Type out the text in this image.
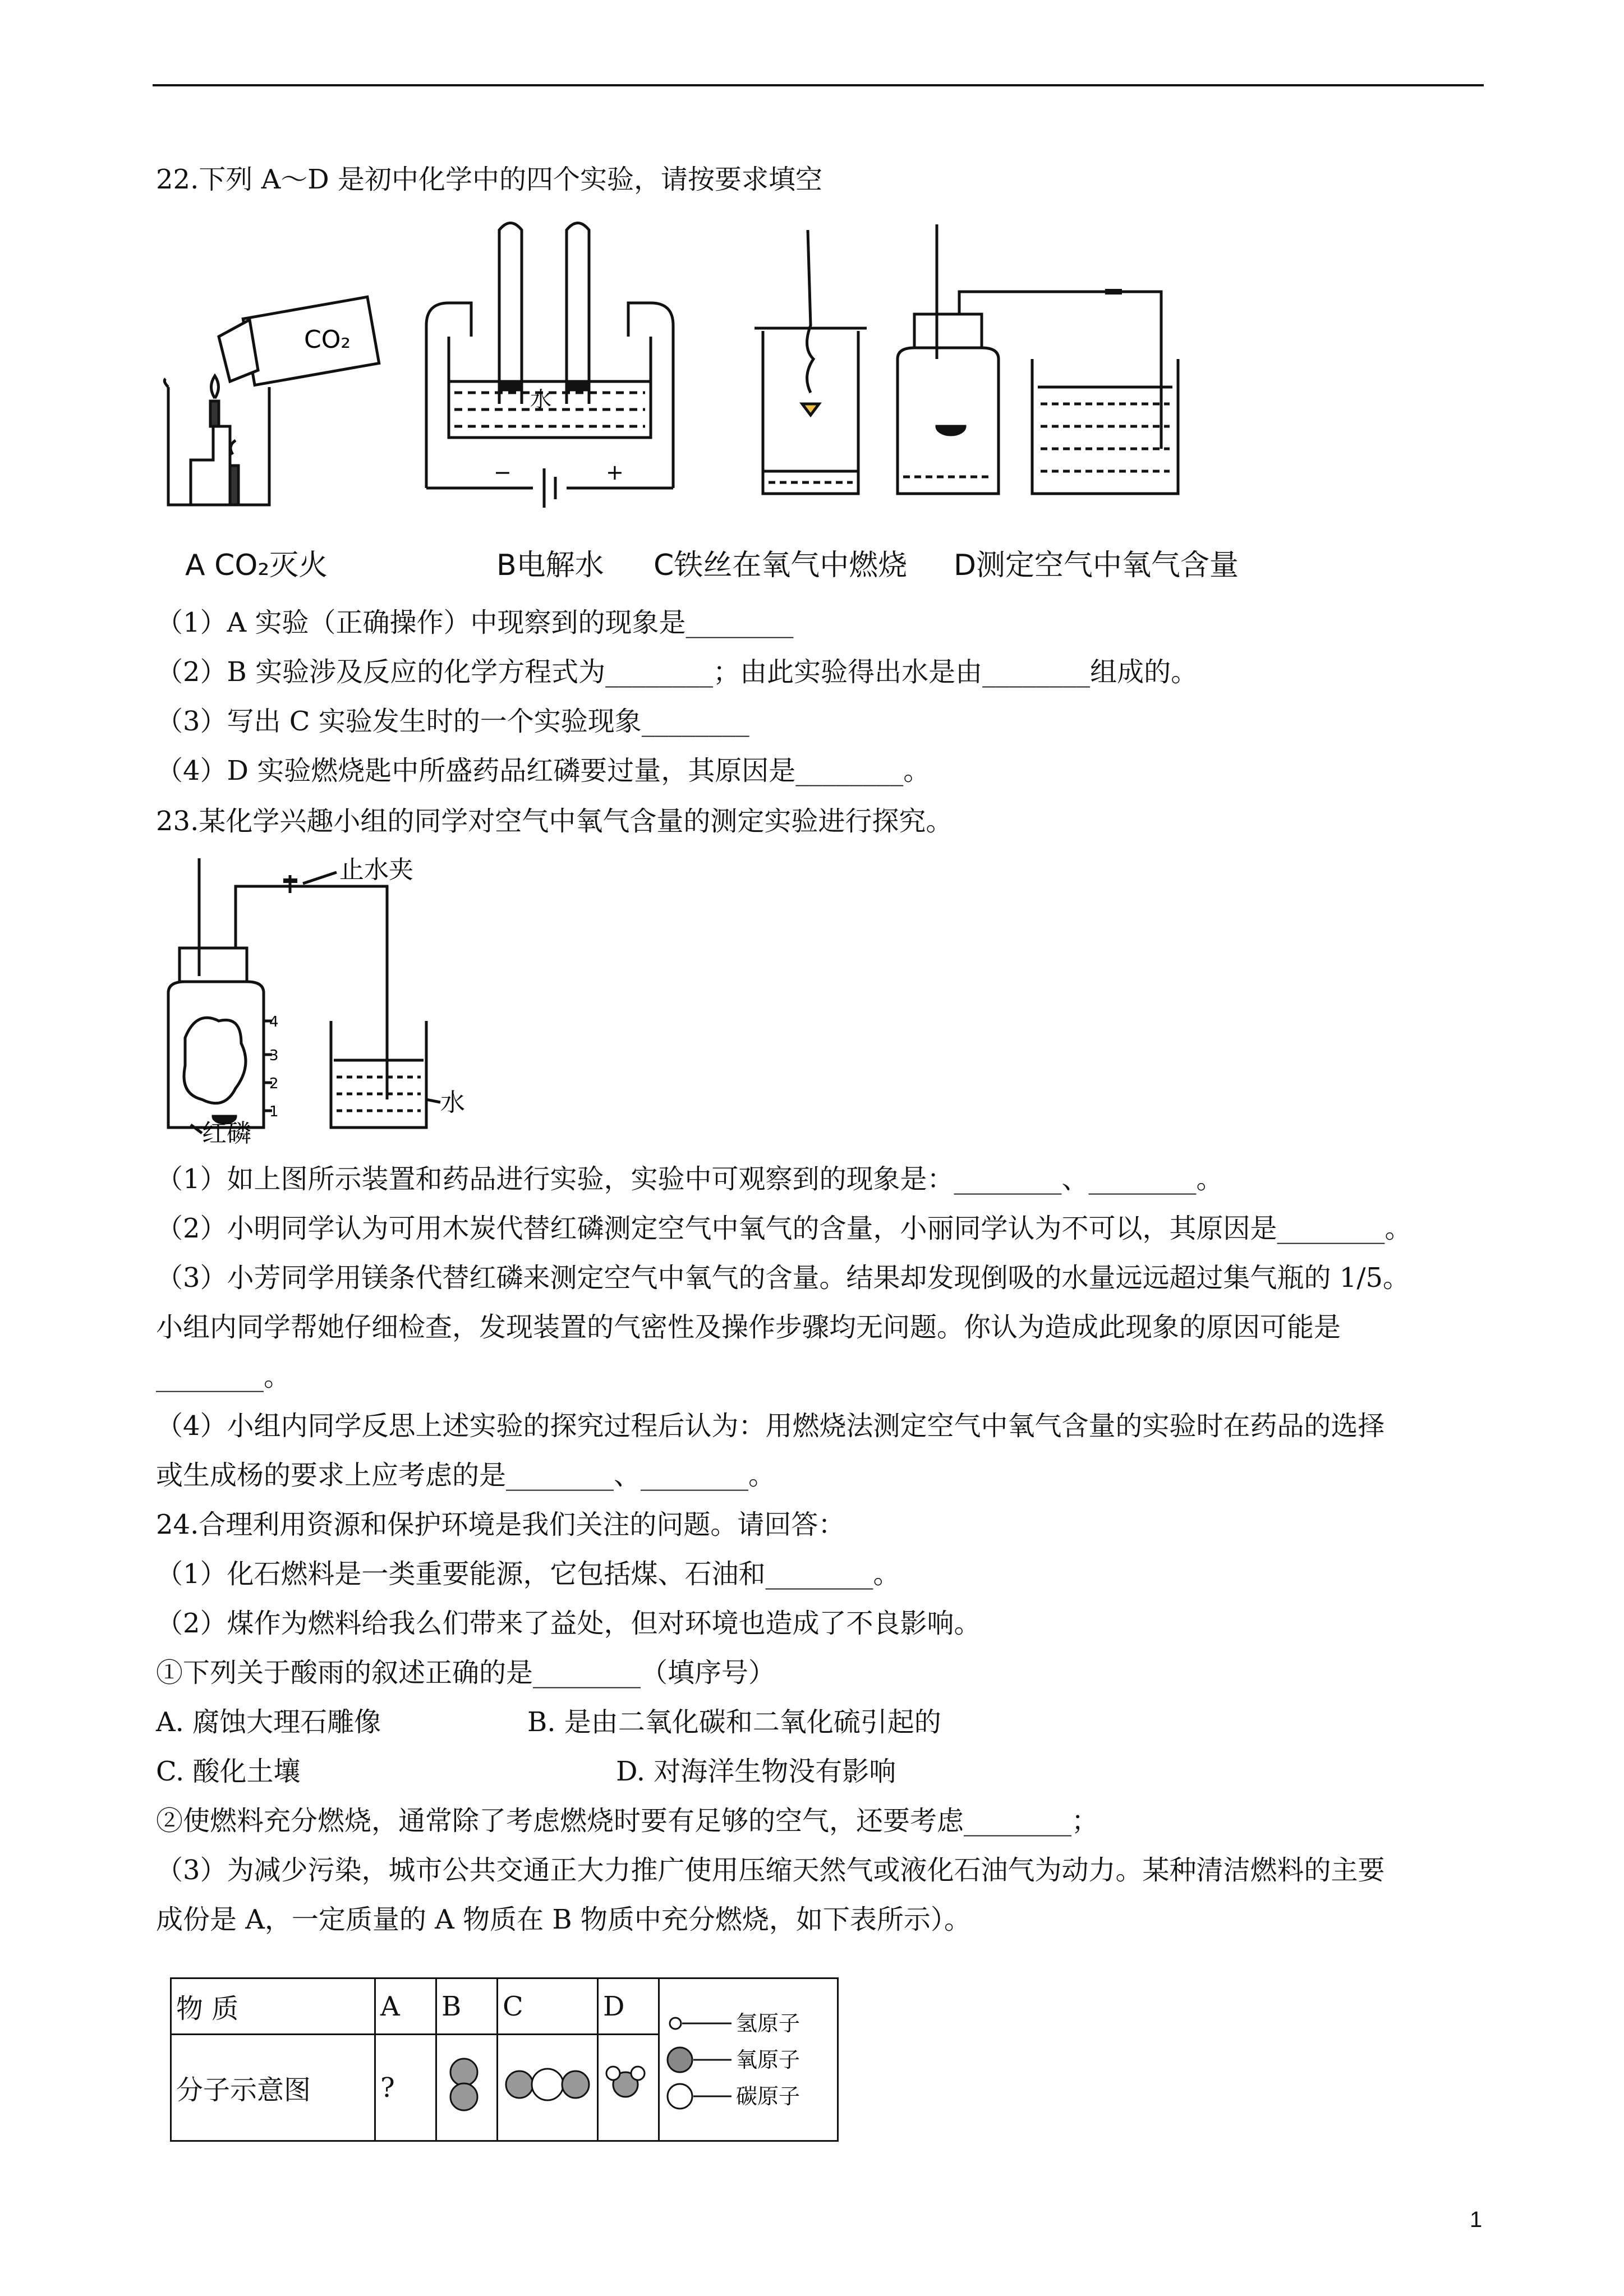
22.下列 A～D 是初中化学中的四个实验，请按要求填空
CO₂
水
−	+
A CO₂灭火	B电解水 C铁丝在氧气中燃烧 D测定空气中氧气含量
（1）A 实验（正确操作）中现察到的现象是________
（2）B 实验涉及反应的化学方程式为________；由此实验得出水是由________组成的。
（3）写出 C 实验发生时的一个实验现象________
（4）D 实验燃烧匙中所盛药品红磷要过量，其原因是________。
23.某化学兴趣小组的同学对空气中氧气含量的测定实验进行探究。
1
2
3
4
止水夹
水
红磷
（1）如上图所示装置和药品进行实验，实验中可观察到的现象是：________、________。
（2）小明同学认为可用木炭代替红磷测定空气中氧气的含量，小丽同学认为不可以，其原因是________。
（3）小芳同学用镁条代替红磷来测定空气中氧气的含量。结果却发现倒吸的水量远远超过集气瓶的 1/5。
小组内同学帮她仔细检查，发现装置的气密性及操作步骤均无问题。你认为造成此现象的原因可能是
________。
（4）小组内同学反思上述实验的探究过程后认为：用燃烧法测定空气中氧气含量的实验时在药品的选择
或生成杨的要求上应考虑的是________、________。
24.合理利用资源和保护环境是我们关注的问题。请回答：
（1）化石燃料是一类重要能源，它包括煤、石油和________。
（2）煤作为燃料给我么们带来了益处，但对环境也造成了不良影响。
①下列关于酸雨的叙述正确的是________（填序号）
A. 腐蚀大理石雕像	B. 是由二氧化碳和二氧化硫引起的
C. 酸化土壤	D. 对海洋生物没有影响
②使燃料充分燃烧，通常除了考虑燃烧时要有足够的空气，还要考虑________；
（3）为减少污染，城市公共交通正大力推广使用压缩天然气或液化石油气为动力。某种清洁燃料的主要
成份是 A，一定质量的 A 物质在 B 物质中充分燃烧，如下表所示）。
物 质	A	B	C	D	氢原子
氧原子
碳原子

分子示意图	?			
1
